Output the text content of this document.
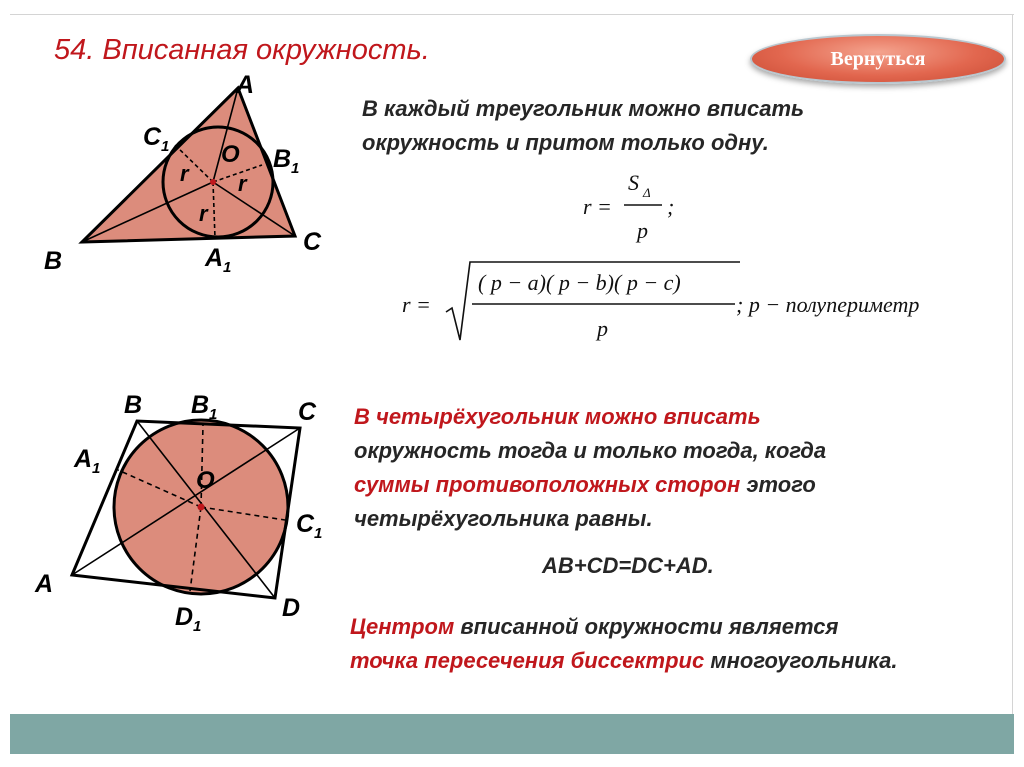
54. Вписанная окружность.	Вернуться
В каждый треугольник можно вписать
окружность и притом только одну.
r =
S Δ
p
;
r =
( p − a)( p − b)( p − c)
p
; p − полупериметр
A
B
C
O
C 1	B 1
A 1
r r
r
A
B	C
D
O
A 1
B 1
C 1
D 1
В четырёхугольник можно вписать
окружность тогда и только тогда, когда
суммы противоположных сторон этого
четырёхугольника равны.
AB+CD=DC+AD.
Центром вписанной окружности является
точка пересечения биссектрис многоугольника.
